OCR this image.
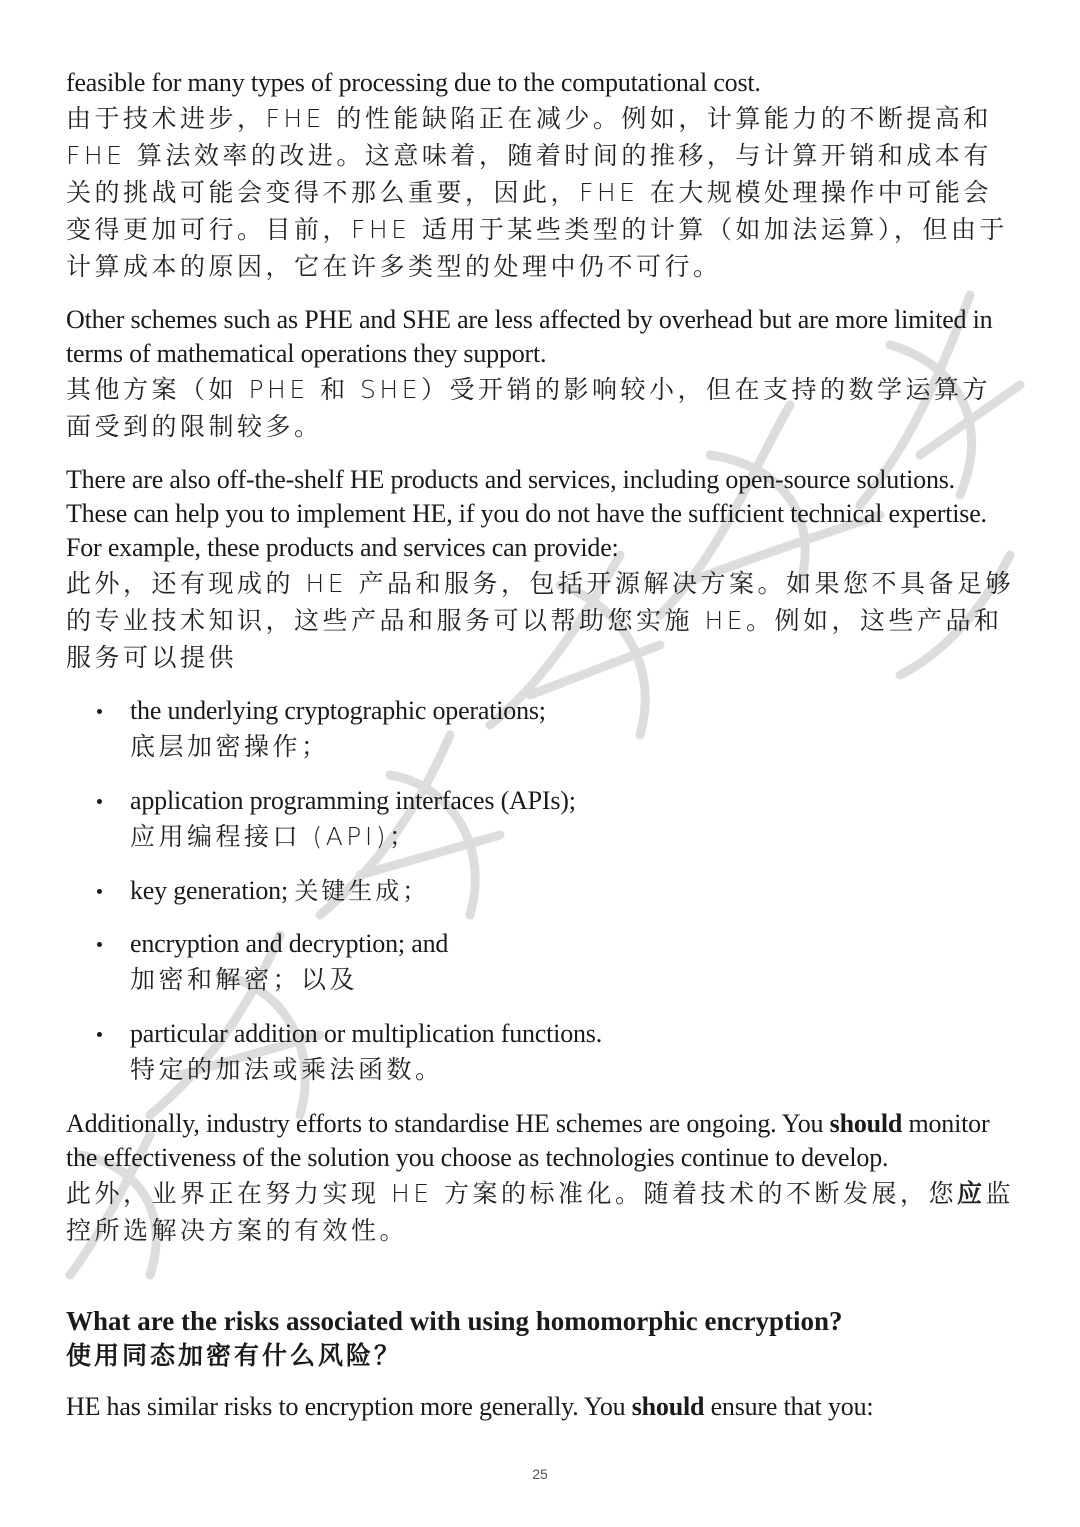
feasible for many types of processing due to the computational cost.

由于技术进步，FHE 的性能缺陷正在减少。例如，计算能力的不断提高和 FHE 算法效率的改进。这意味着，随着时间的推移，与计算开销和成本有关的挑战可能会变得不那么重要，因此，FHE 在大规模处理操作中可能会变得更加可行。目前，FHE 适用于某些类型的计算（如加法运算），但由于计算成本的原因，它在许多类型的处理中仍不可行。

Other schemes such as PHE and SHE are less affected by overhead but are more limited in terms of mathematical operations they support.

其他方案（如 PHE 和 SHE）受开销的影响较小，但在支持的数学运算方面受到的限制较多。

There are also off-the-shelf HE products and services, including open-source solutions. These can help you to implement HE, if you do not have the sufficient technical expertise. For example, these products and services can provide:

此外，还有现成的 HE 产品和服务，包括开源解决方案。如果您不具备足够的专业技术知识，这些产品和服务可以帮助您实施 HE。例如，这些产品和服务可以提供

the underlying cryptographic operations;

底层加密操作；

application programming interfaces (APIs);

应用编程接口 (API)；

key generation; 关键生成；

encryption and decryption; and

加密和解密；以及

particular addition or multiplication functions.

特定的加法或乘法函数。

Additionally, industry efforts to standardise HE schemes are ongoing. You should monitor the effectiveness of the solution you choose as technologies continue to develop.

此外，业界正在努力实现 HE 方案的标准化。随着技术的不断发展，您应监控所选解决方案的有效性。

What are the risks associated with using homomorphic encryption?

使用同态加密有什么风险？

HE has similar risks to encryption more generally. You should ensure that you:

25
